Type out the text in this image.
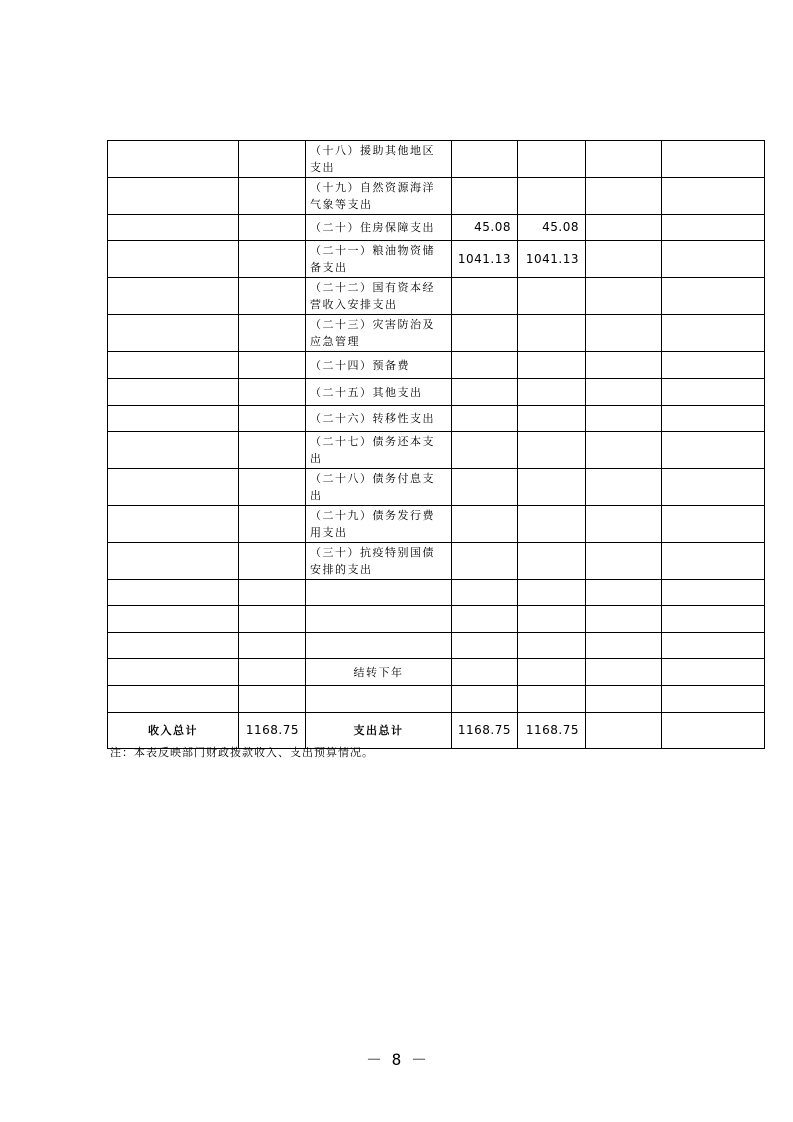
		（十八）援助其他地区支出				
		（十九）自然资源海洋气象等支出				
		（二十）住房保障支出	45.08	45.08		
		（二十一）粮油物资储备支出	1041.13	1041.13		
		（二十二）国有资本经营收入安排支出				
		（二十三）灾害防治及应急管理				
		（二十四）预备费				
		（二十五）其他支出				
		（二十六）转移性支出				
		（二十七）债务还本支出				
		（二十八）债务付息支出				
		（二十九）债务发行费用支出				
		（三十）抗疫特别国债安排的支出				

		结转下年				

收入总计	1168.75	支出总计	1168.75	1168.75		
注：本表反映部门财政拨款收入、支出预算情况。
－ 8 －
